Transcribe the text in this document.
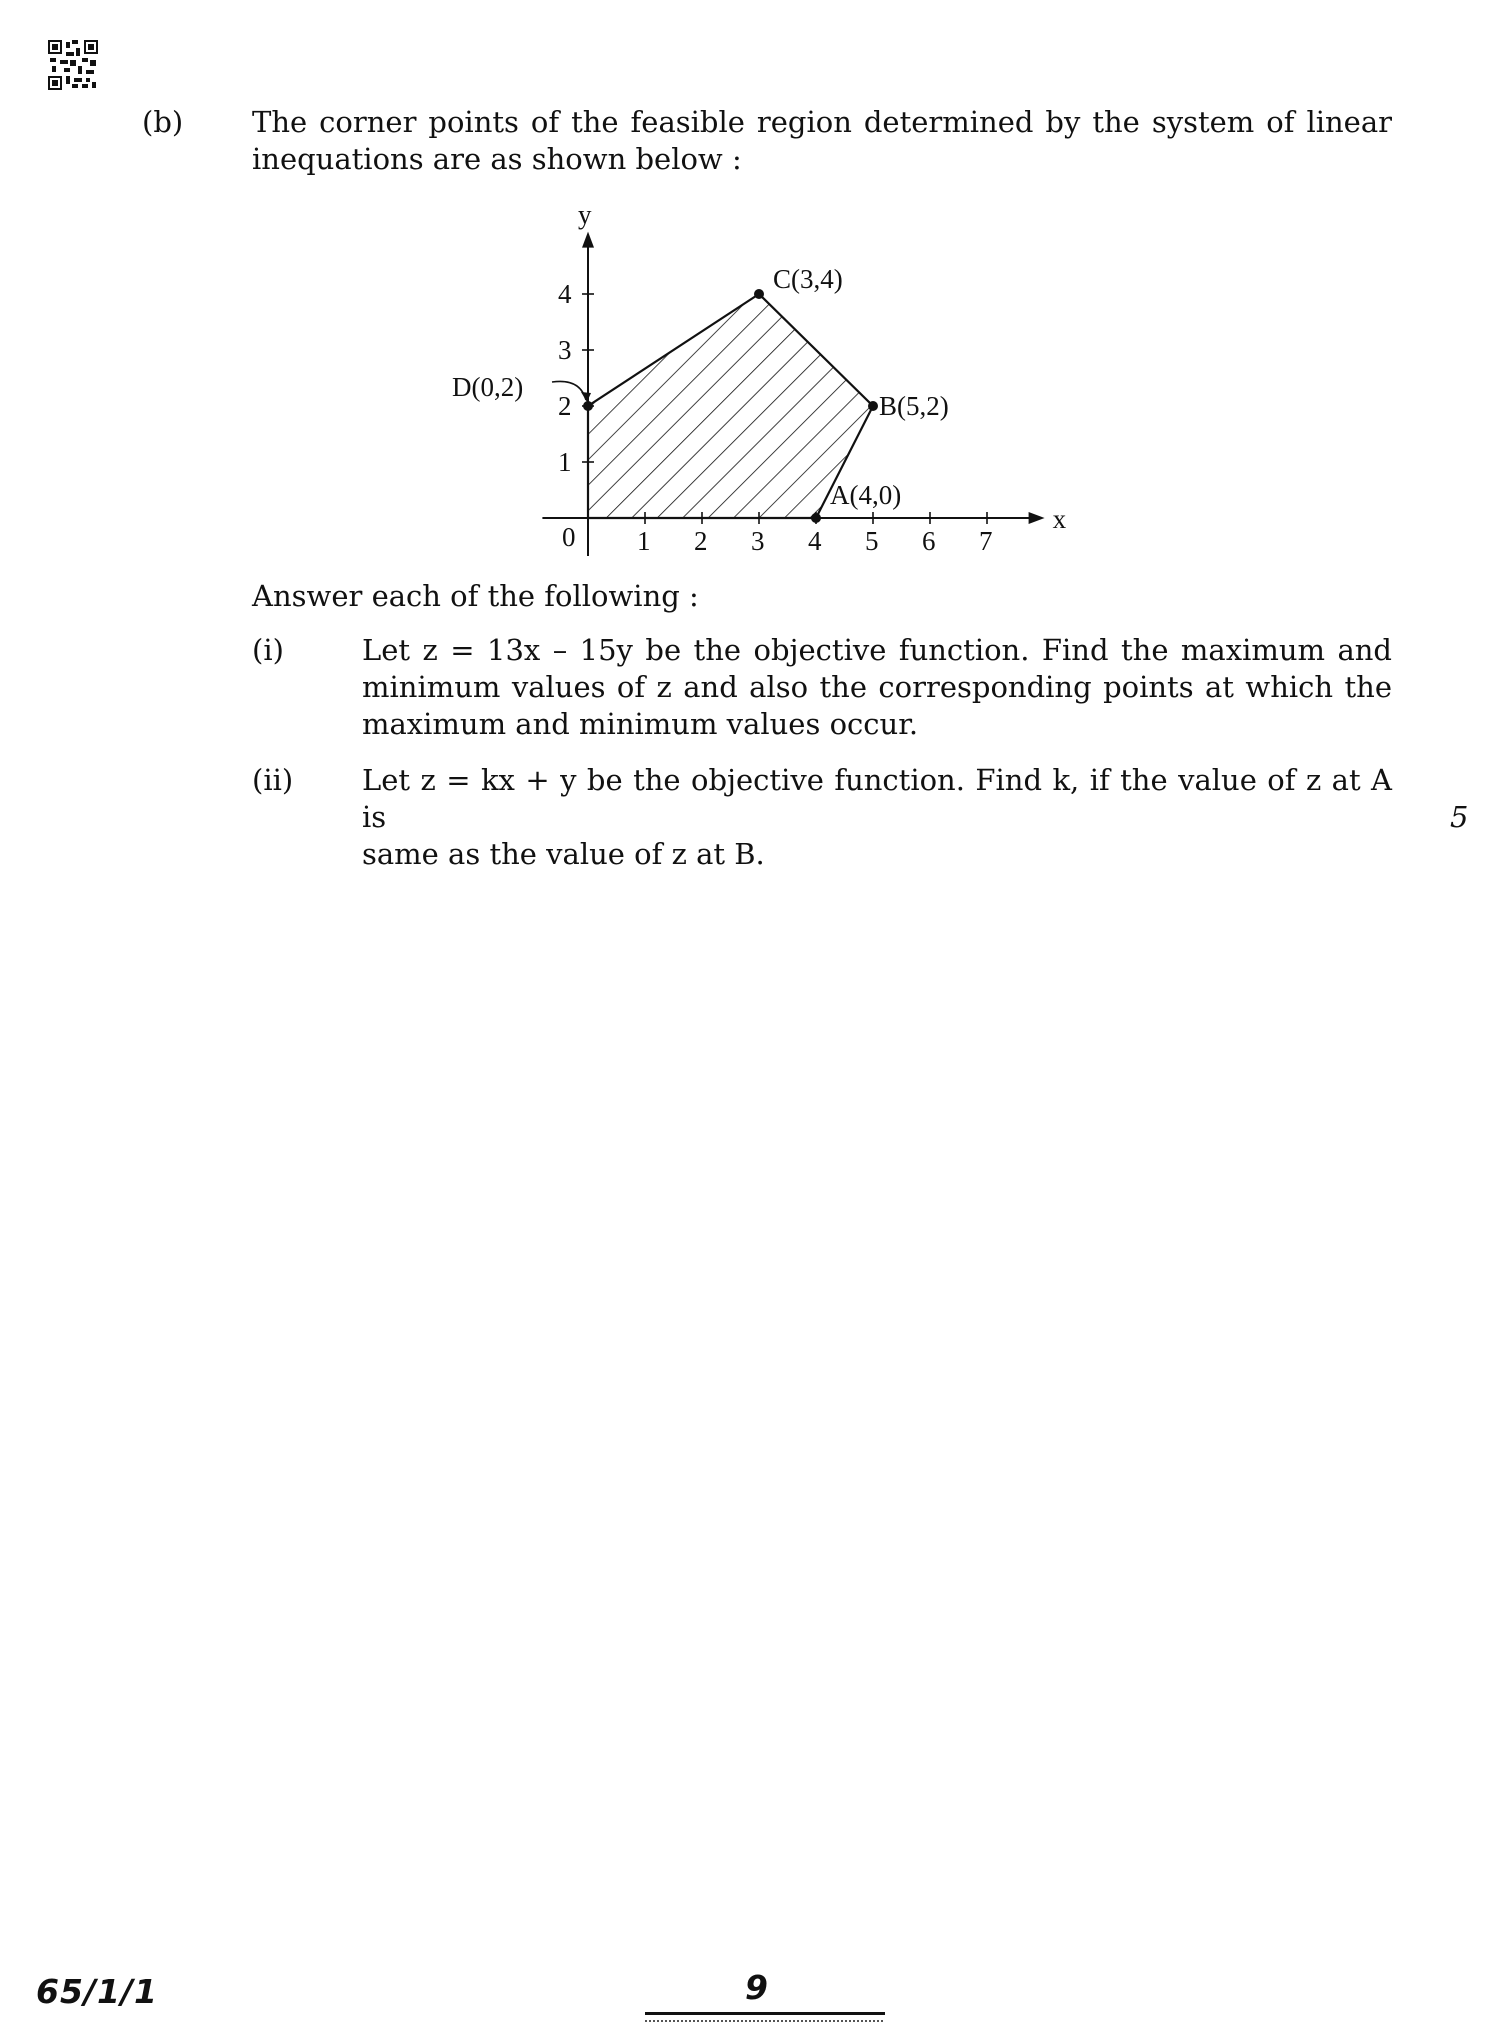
(b) The corner points of the feasible region determined by the system of linear
inequations are as shown below :
x
y
0 1 2 3 4 5 6 7
1
2
3
4
A(4,0)
B(5,2)
C(3,4)
D(0,2)
Answer each of the following :
(i)	Let z = 13x – 15y be the objective function. Find the maximum and
minimum values of z and also the corresponding points at which the
maximum and minimum values occur.
(ii) Let z = kx + y be the objective function. Find k, if the value of z at A is
same as the value of z at B.
5
65/1/1	9
